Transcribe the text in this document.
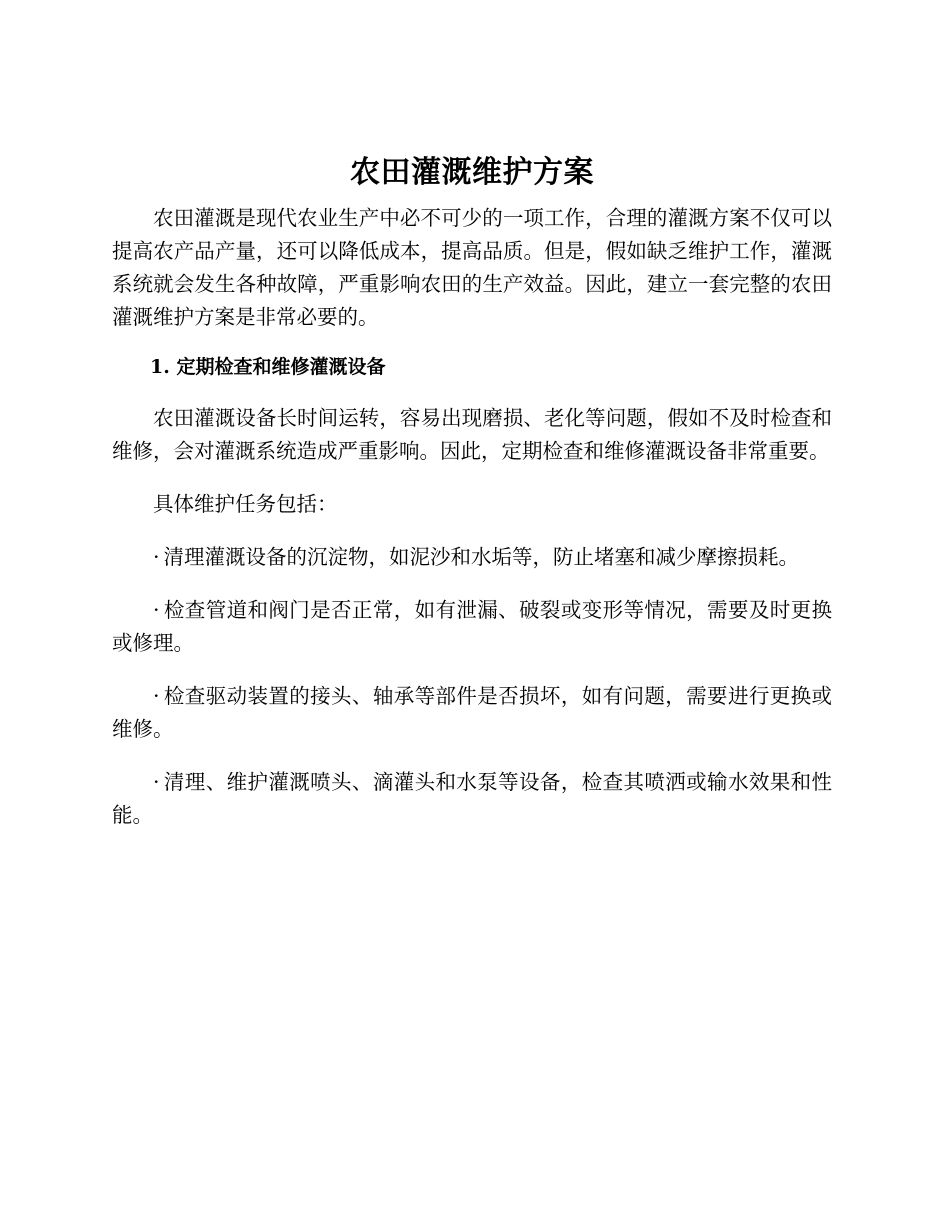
农田灌溉维护方案

农田灌溉是现代农业生产中必不可少的一项工作，合理的灌溉方案不仅可以提高农产品产量，还可以降低成本，提高品质。但是，假如缺乏维护工作，灌溉系统就会发生各种故障，严重影响农田的生产效益。因此，建立一套完整的农田灌溉维护方案是非常必要的。

1. 定期检查和维修灌溉设备

农田灌溉设备长时间运转，容易出现磨损、老化等问题，假如不及时检查和维修，会对灌溉系统造成严重影响。因此，定期检查和维修灌溉设备非常重要。

具体维护任务包括：

· 清理灌溉设备的沉淀物，如泥沙和水垢等，防止堵塞和减少摩擦损耗。

· 检查管道和阀门是否正常，如有泄漏、破裂或变形等情况，需要及时更换或修理。

· 检查驱动装置的接头、轴承等部件是否损坏，如有问题，需要进行更换或维修。

· 清理、维护灌溉喷头、滴灌头和水泵等设备，检查其喷洒或输水效果和性能。
